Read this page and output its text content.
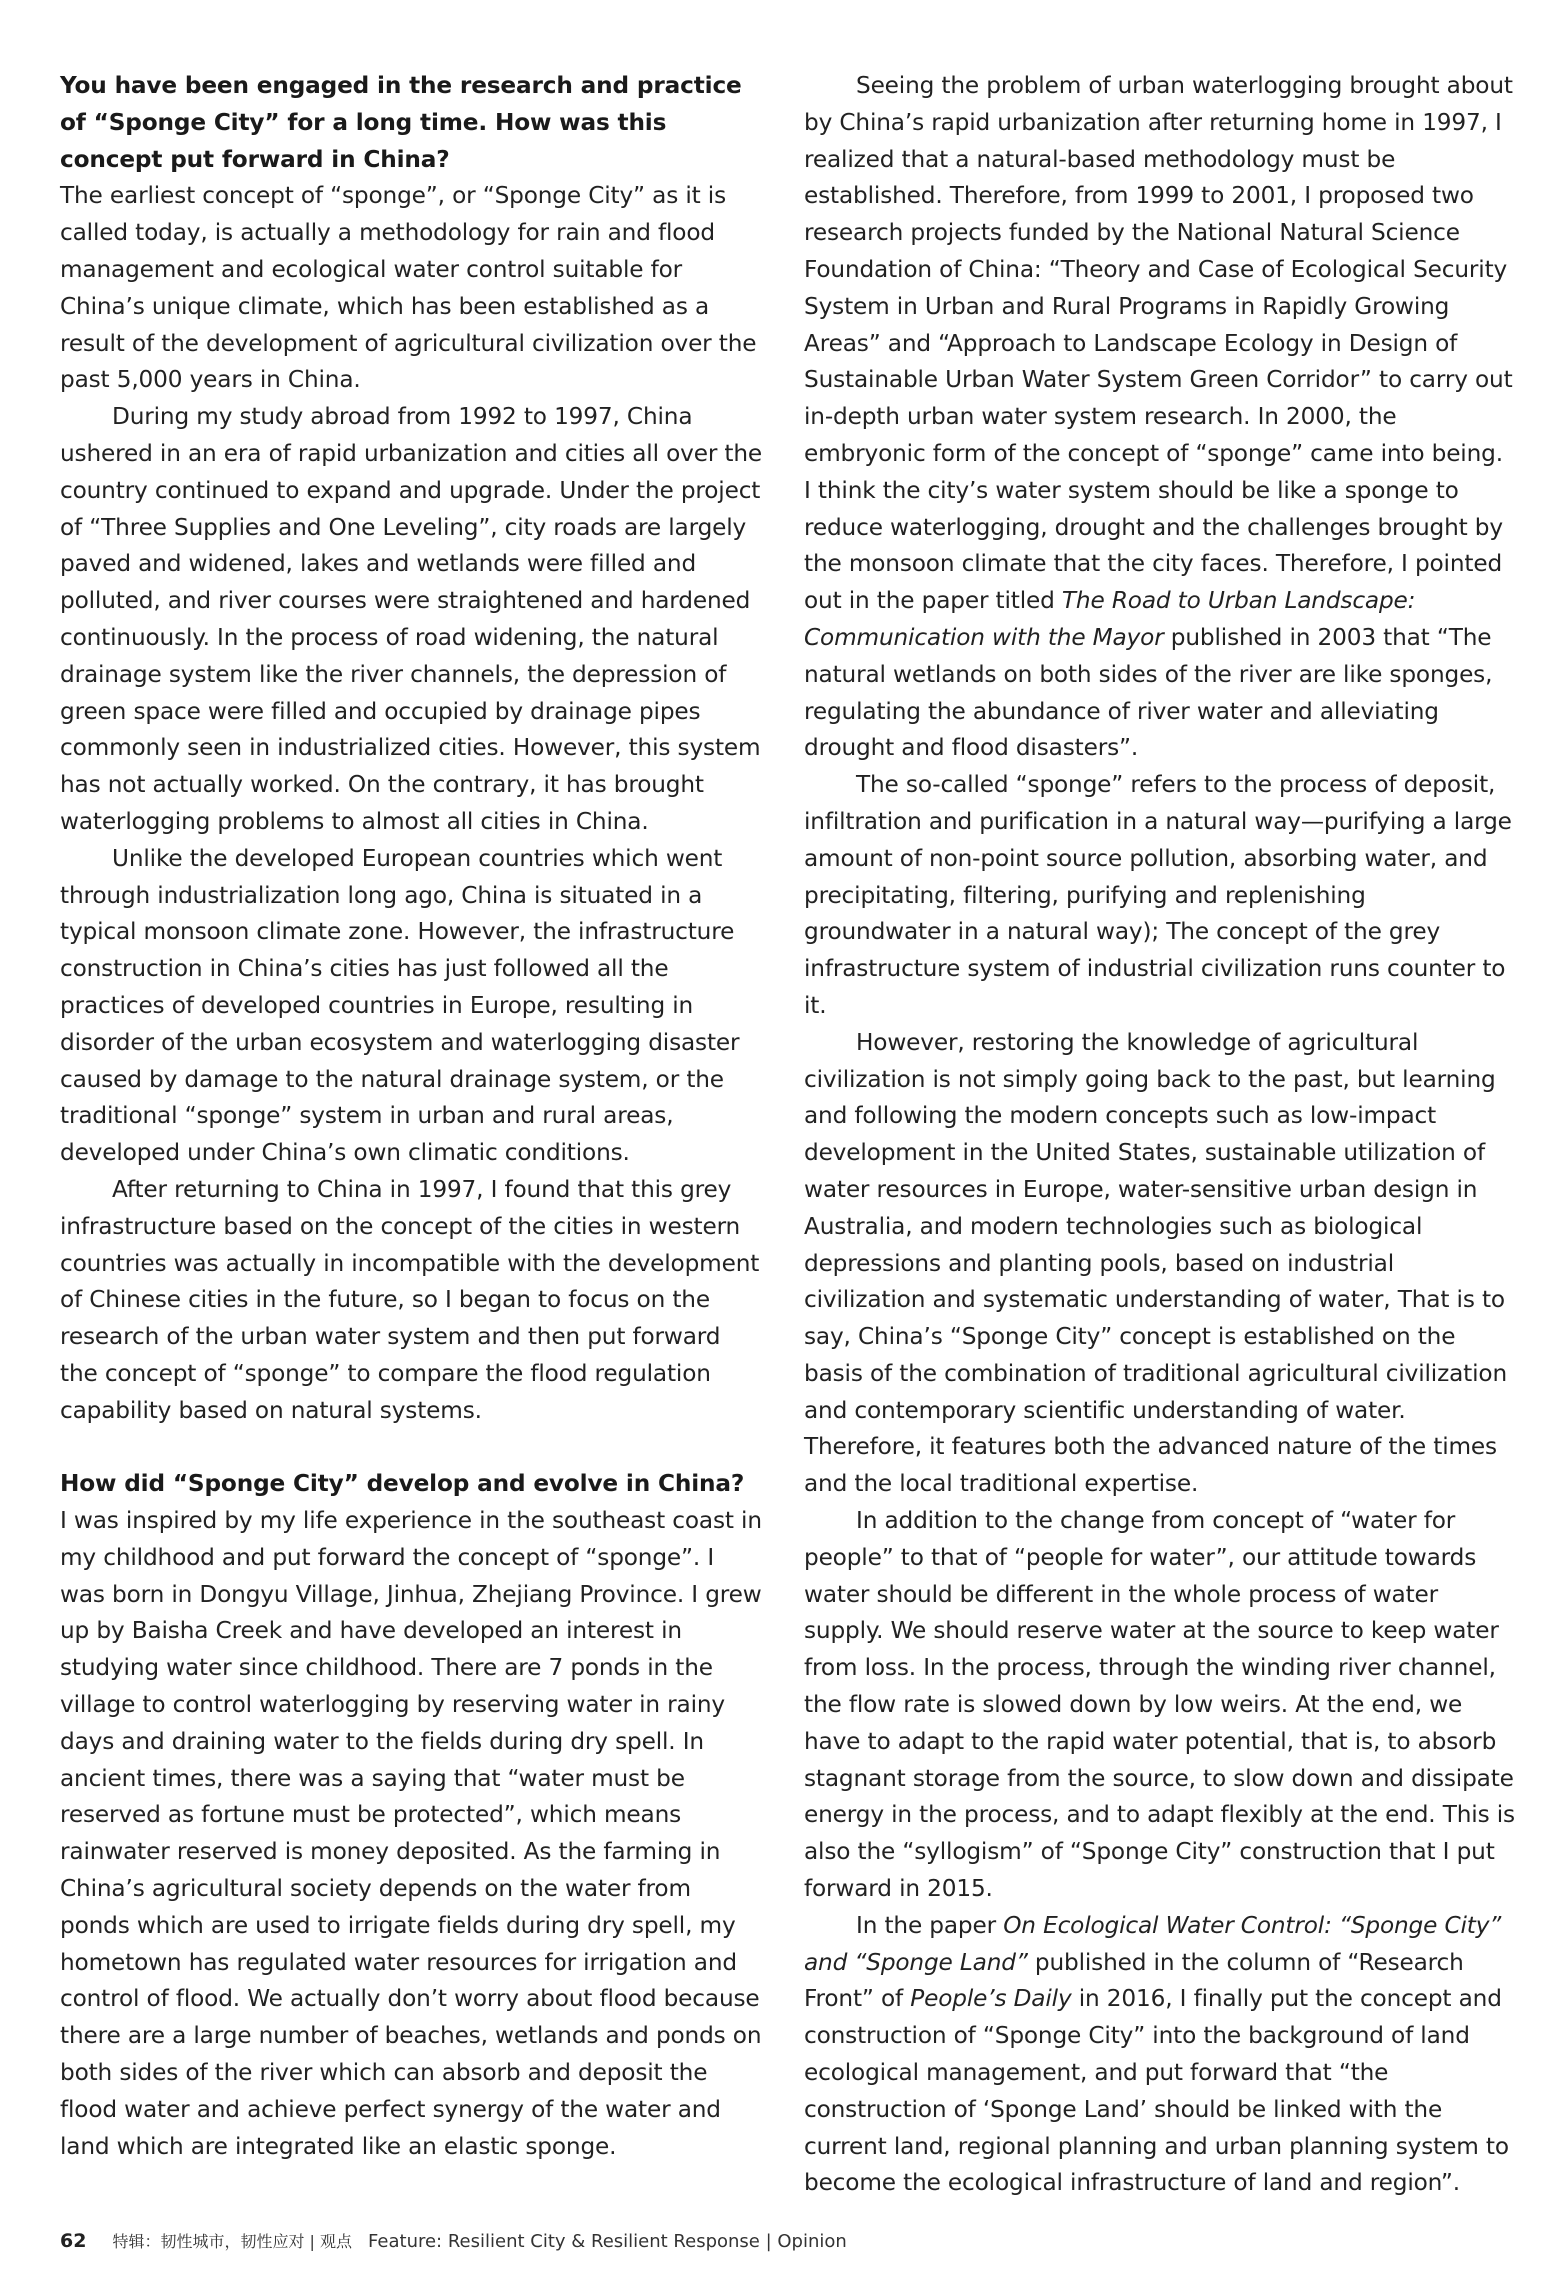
You have been engaged in the research and practice of “Sponge City” for a long time. How was this concept put forward in China?

The earliest concept of “sponge”, or “Sponge City” as it is called today, is actually a methodology for rain and flood management and ecological water control suitable for China’s unique climate, which has been established as a result of the development of agricultural civilization over the past 5,000 years in China.

During my study abroad from 1992 to 1997, China ushered in an era of rapid urbanization and cities all over the country continued to expand and upgrade. Under the project of “Three Supplies and One Leveling”, city roads are largely paved and widened, lakes and wetlands were filled and polluted, and river courses were straightened and hardened continuously. In the process of road widening, the natural drainage system like the river channels, the depression of green space were filled and occupied by drainage pipes commonly seen in industrialized cities. However, this system has not actually worked. On the contrary, it has brought waterlogging problems to almost all cities in China.

Unlike the developed European countries which went through industrialization long ago, China is situated in a typical monsoon climate zone. However, the infrastructure construction in China’s cities has just followed all the practices of developed countries in Europe, resulting in disorder of the urban ecosystem and waterlogging disaster caused by damage to the natural drainage system, or the traditional “sponge” system in urban and rural areas, developed under China’s own climatic conditions.

After returning to China in 1997, I found that this grey infrastructure based on the concept of the cities in western countries was actually in incompatible with the development of Chinese cities in the future, so I began to focus on the research of the urban water system and then put forward the concept of “sponge” to compare the flood regulation capability based on natural systems.

How did “Sponge City” develop and evolve in China?

I was inspired by my life experience in the southeast coast in my childhood and put forward the concept of “sponge”. I was born in Dongyu Village, Jinhua, Zhejiang Province. I grew up by Baisha Creek and have developed an interest in studying water since childhood. There are 7 ponds in the village to control waterlogging by reserving water in rainy days and draining water to the fields during dry spell. In ancient times, there was a saying that “water must be reserved as fortune must be protected”, which means rainwater reserved is money deposited. As the farming in China’s agricultural society depends on the water from ponds which are used to irrigate fields during dry spell, my hometown has regulated water resources for irrigation and control of flood. We actually don’t worry about flood because there are a large number of beaches, wetlands and ponds on both sides of the river which can absorb and deposit the flood water and achieve perfect synergy of the water and land which are integrated like an elastic sponge.

Seeing the problem of urban waterlogging brought about by China’s rapid urbanization after returning home in 1997, I realized that a natural-based methodology must be established. Therefore, from 1999 to 2001, I proposed two research projects funded by the National Natural Science Foundation of China: “Theory and Case of Ecological Security System in Urban and Rural Programs in Rapidly Growing Areas” and “Approach to Landscape Ecology in Design of Sustainable Urban Water System Green Corridor” to carry out in-depth urban water system research. In 2000, the embryonic form of the concept of “sponge” came into being. I think the city’s water system should be like a sponge to reduce waterlogging, drought and the challenges brought by the monsoon climate that the city faces. Therefore, I pointed out in the paper titled The Road to Urban Landscape: Communication with the Mayor published in 2003 that “The natural wetlands on both sides of the river are like sponges, regulating the abundance of river water and alleviating drought and flood disasters”.

The so-called “sponge” refers to the process of deposit, infiltration and purification in a natural way—purifying a large amount of non-point source pollution, absorbing water, and precipitating, filtering, purifying and replenishing groundwater in a natural way); The concept of the grey infrastructure system of industrial civilization runs counter to it.

However, restoring the knowledge of agricultural civilization is not simply going back to the past, but learning and following the modern concepts such as low-impact development in the United States, sustainable utilization of water resources in Europe, water-sensitive urban design in Australia, and modern technologies such as biological depressions and planting pools, based on industrial civilization and systematic understanding of water, That is to say, China’s “Sponge City” concept is established on the basis of the combination of traditional agricultural civilization and contemporary scientific understanding of water. Therefore, it features both the advanced nature of the times and the local traditional expertise.

In addition to the change from concept of “water for people” to that of “people for water”, our attitude towards water should be different in the whole process of water supply. We should reserve water at the source to keep water from loss. In the process, through the winding river channel, the flow rate is slowed down by low weirs. At the end, we have to adapt to the rapid water potential, that is, to absorb stagnant storage from the source, to slow down and dissipate energy in the process, and to adapt flexibly at the end. This is also the “syllogism” of “Sponge City” construction that I put forward in 2015.

In the paper On Ecological Water Control: “Sponge City” and “Sponge Land” published in the column of “Research Front” of People’s Daily in 2016, I finally put the concept and construction of “Sponge City” into the background of land ecological management, and put forward that “the construction of ‘Sponge Land’ should be linked with the current land, regional planning and urban planning system to become the ecological infrastructure of land and region”.

62 特辑：韧性城市，韧性应对 | 观点 Feature: Resilient City & Resilient Response | Opinion
